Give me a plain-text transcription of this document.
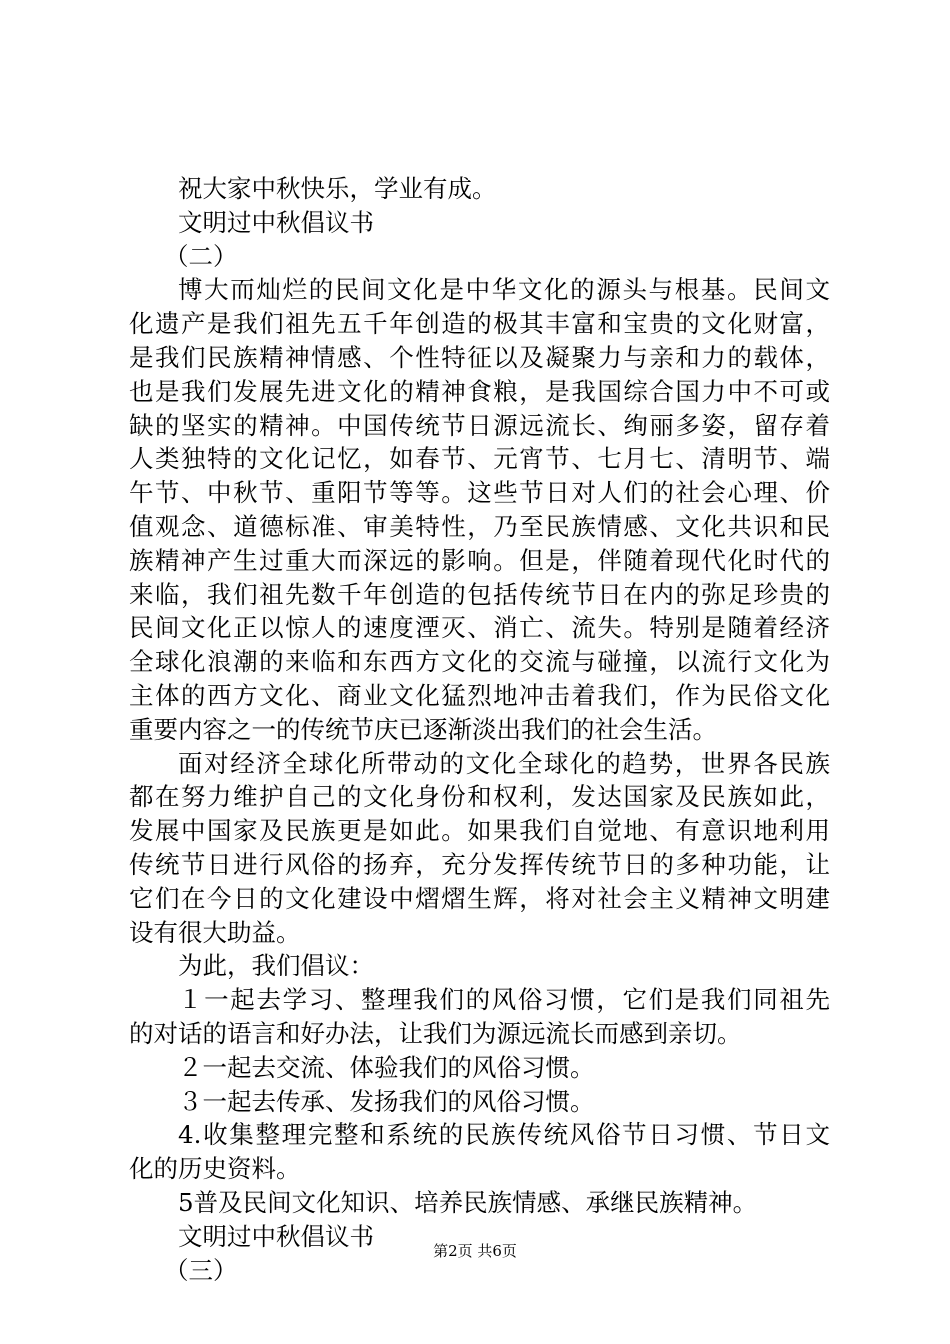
祝大家中秋快乐，学业有成。
文明过中秋倡议书
（二）
博大而灿烂的民间文化是中华文化的源头与根基。民间文
化遗产是我们祖先五千年创造的极其丰富和宝贵的文化财富，
是我们民族精神情感、个性特征以及凝聚力与亲和力的载体，
也是我们发展先进文化的精神食粮，是我国综合国力中不可或
缺的坚实的精神。中国传统节日源远流长、绚丽多姿，留存着
人类独特的文化记忆，如春节、元宵节、七月七、清明节、端
午节、中秋节、重阳节等等。这些节日对人们的社会心理、价
值观念、道德标准、审美特性，乃至民族情感、文化共识和民
族精神产生过重大而深远的影响。但是，伴随着现代化时代的
来临，我们祖先数千年创造的包括传统节日在内的弥足珍贵的
民间文化正以惊人的速度湮灭、消亡、流失。特别是随着经济
全球化浪潮的来临和东西方文化的交流与碰撞，以流行文化为
主体的西方文化、商业文化猛烈地冲击着我们，作为民俗文化
重要内容之一的传统节庆已逐渐淡出我们的社会生活。
面对经济全球化所带动的文化全球化的趋势，世界各民族
都在努力维护自己的文化身份和权利，发达国家及民族如此，
发展中国家及民族更是如此。如果我们自觉地、有意识地利用
传统节日进行风俗的扬弃，充分发挥传统节日的多种功能，让
它们在今日的文化建设中熠熠生辉，将对社会主义精神文明建
设有很大助益。
为此，我们倡议：
１一起去学习、整理我们的风俗习惯，它们是我们同祖先
的对话的语言和好办法，让我们为源远流长而感到亲切。
２一起去交流、体验我们的风俗习惯。
３一起去传承、发扬我们的风俗习惯。
4.收集整理完整和系统的民族传统风俗节日习惯、节日文
化的历史资料。
5普及民间文化知识、培养民族情感、承继民族精神。
文明过中秋倡议书
（三）
第2页 共6页
